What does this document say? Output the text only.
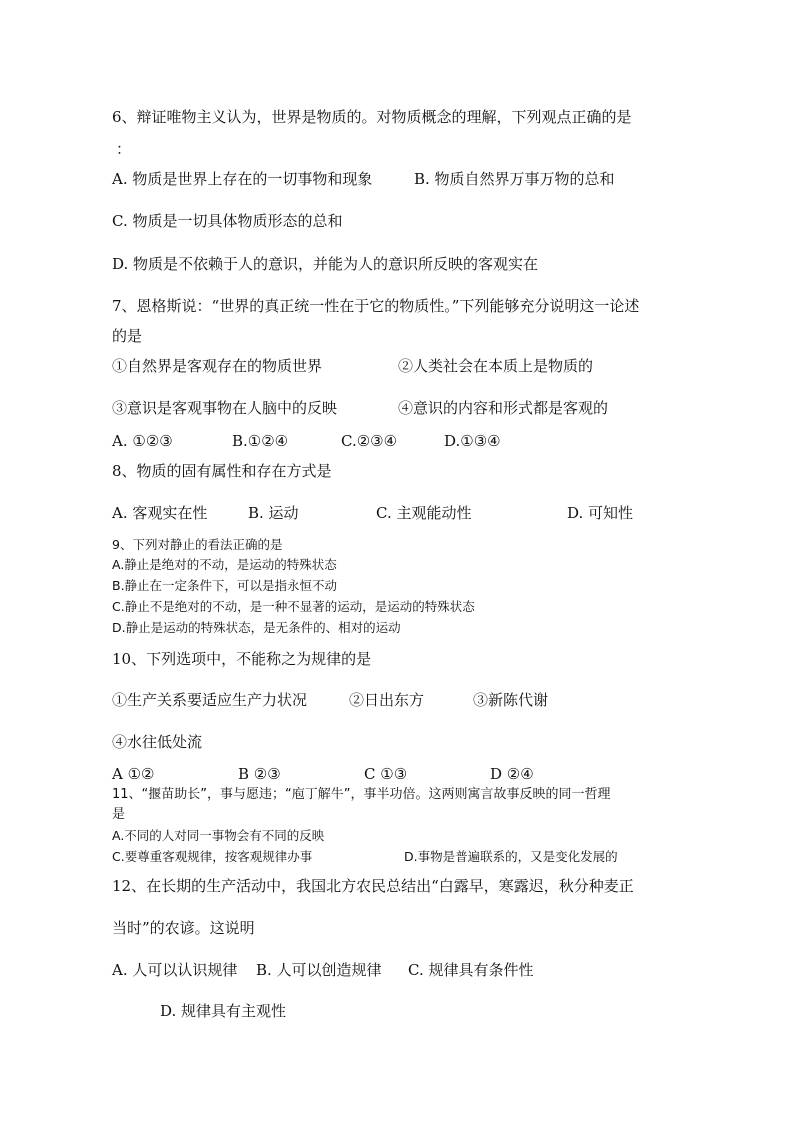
6、辩证唯物主义认为，世界是物质的。对物质概念的理解，下列观点正确的是
：
A. 物质是世界上存在的一切事物和现象	B. 物质自然界万事万物的总和
C. 物质是一切具体物质形态的总和
D. 物质是不依赖于人的意识，并能为人的意识所反映的客观实在
7、恩格斯说：“世界的真正统一性在于它的物质性。”下列能够充分说明这一论述
的是
①自然界是客观存在的物质世界	②人类社会在本质上是物质的
③意识是客观事物在人脑中的反映	④意识的内容和形式都是客观的
A. ①②③	B.①②④	C.②③④	D.①③④
8、物质的固有属性和存在方式是
A. 客观实在性	B. 运动	C. 主观能动性	D. 可知性
9、下列对静止的看法正确的是
A.静止是绝对的不动，是运动的特殊状态
B.静止在一定条件下，可以是指永恒不动
C.静止不是绝对的不动，是一种不显著的运动，是运动的特殊状态
D.静止是运动的特殊状态，是无条件的、相对的运动
10、下列选项中，不能称之为规律的是
①生产关系要适应生产力状况	②日出东方	③新陈代谢
④水往低处流
A ①②	B ②③	C ①③	D ②④
11、“揠苗助长”，事与愿违；“庖丁解牛”，事半功倍。这两则寓言故事反映的同一哲理
是
A.不同的人对同一事物会有不同的反映
C.要尊重客观规律，按客观规律办事	D.事物是普遍联系的，又是变化发展的
12、在长期的生产活动中，我国北方农民总结出“白露早，寒露迟，秋分种麦正
当时”的农谚。这说明
A. 人可以认识规律 B. 人可以创造规律 C. 规律具有条件性
D. 规律具有主观性
